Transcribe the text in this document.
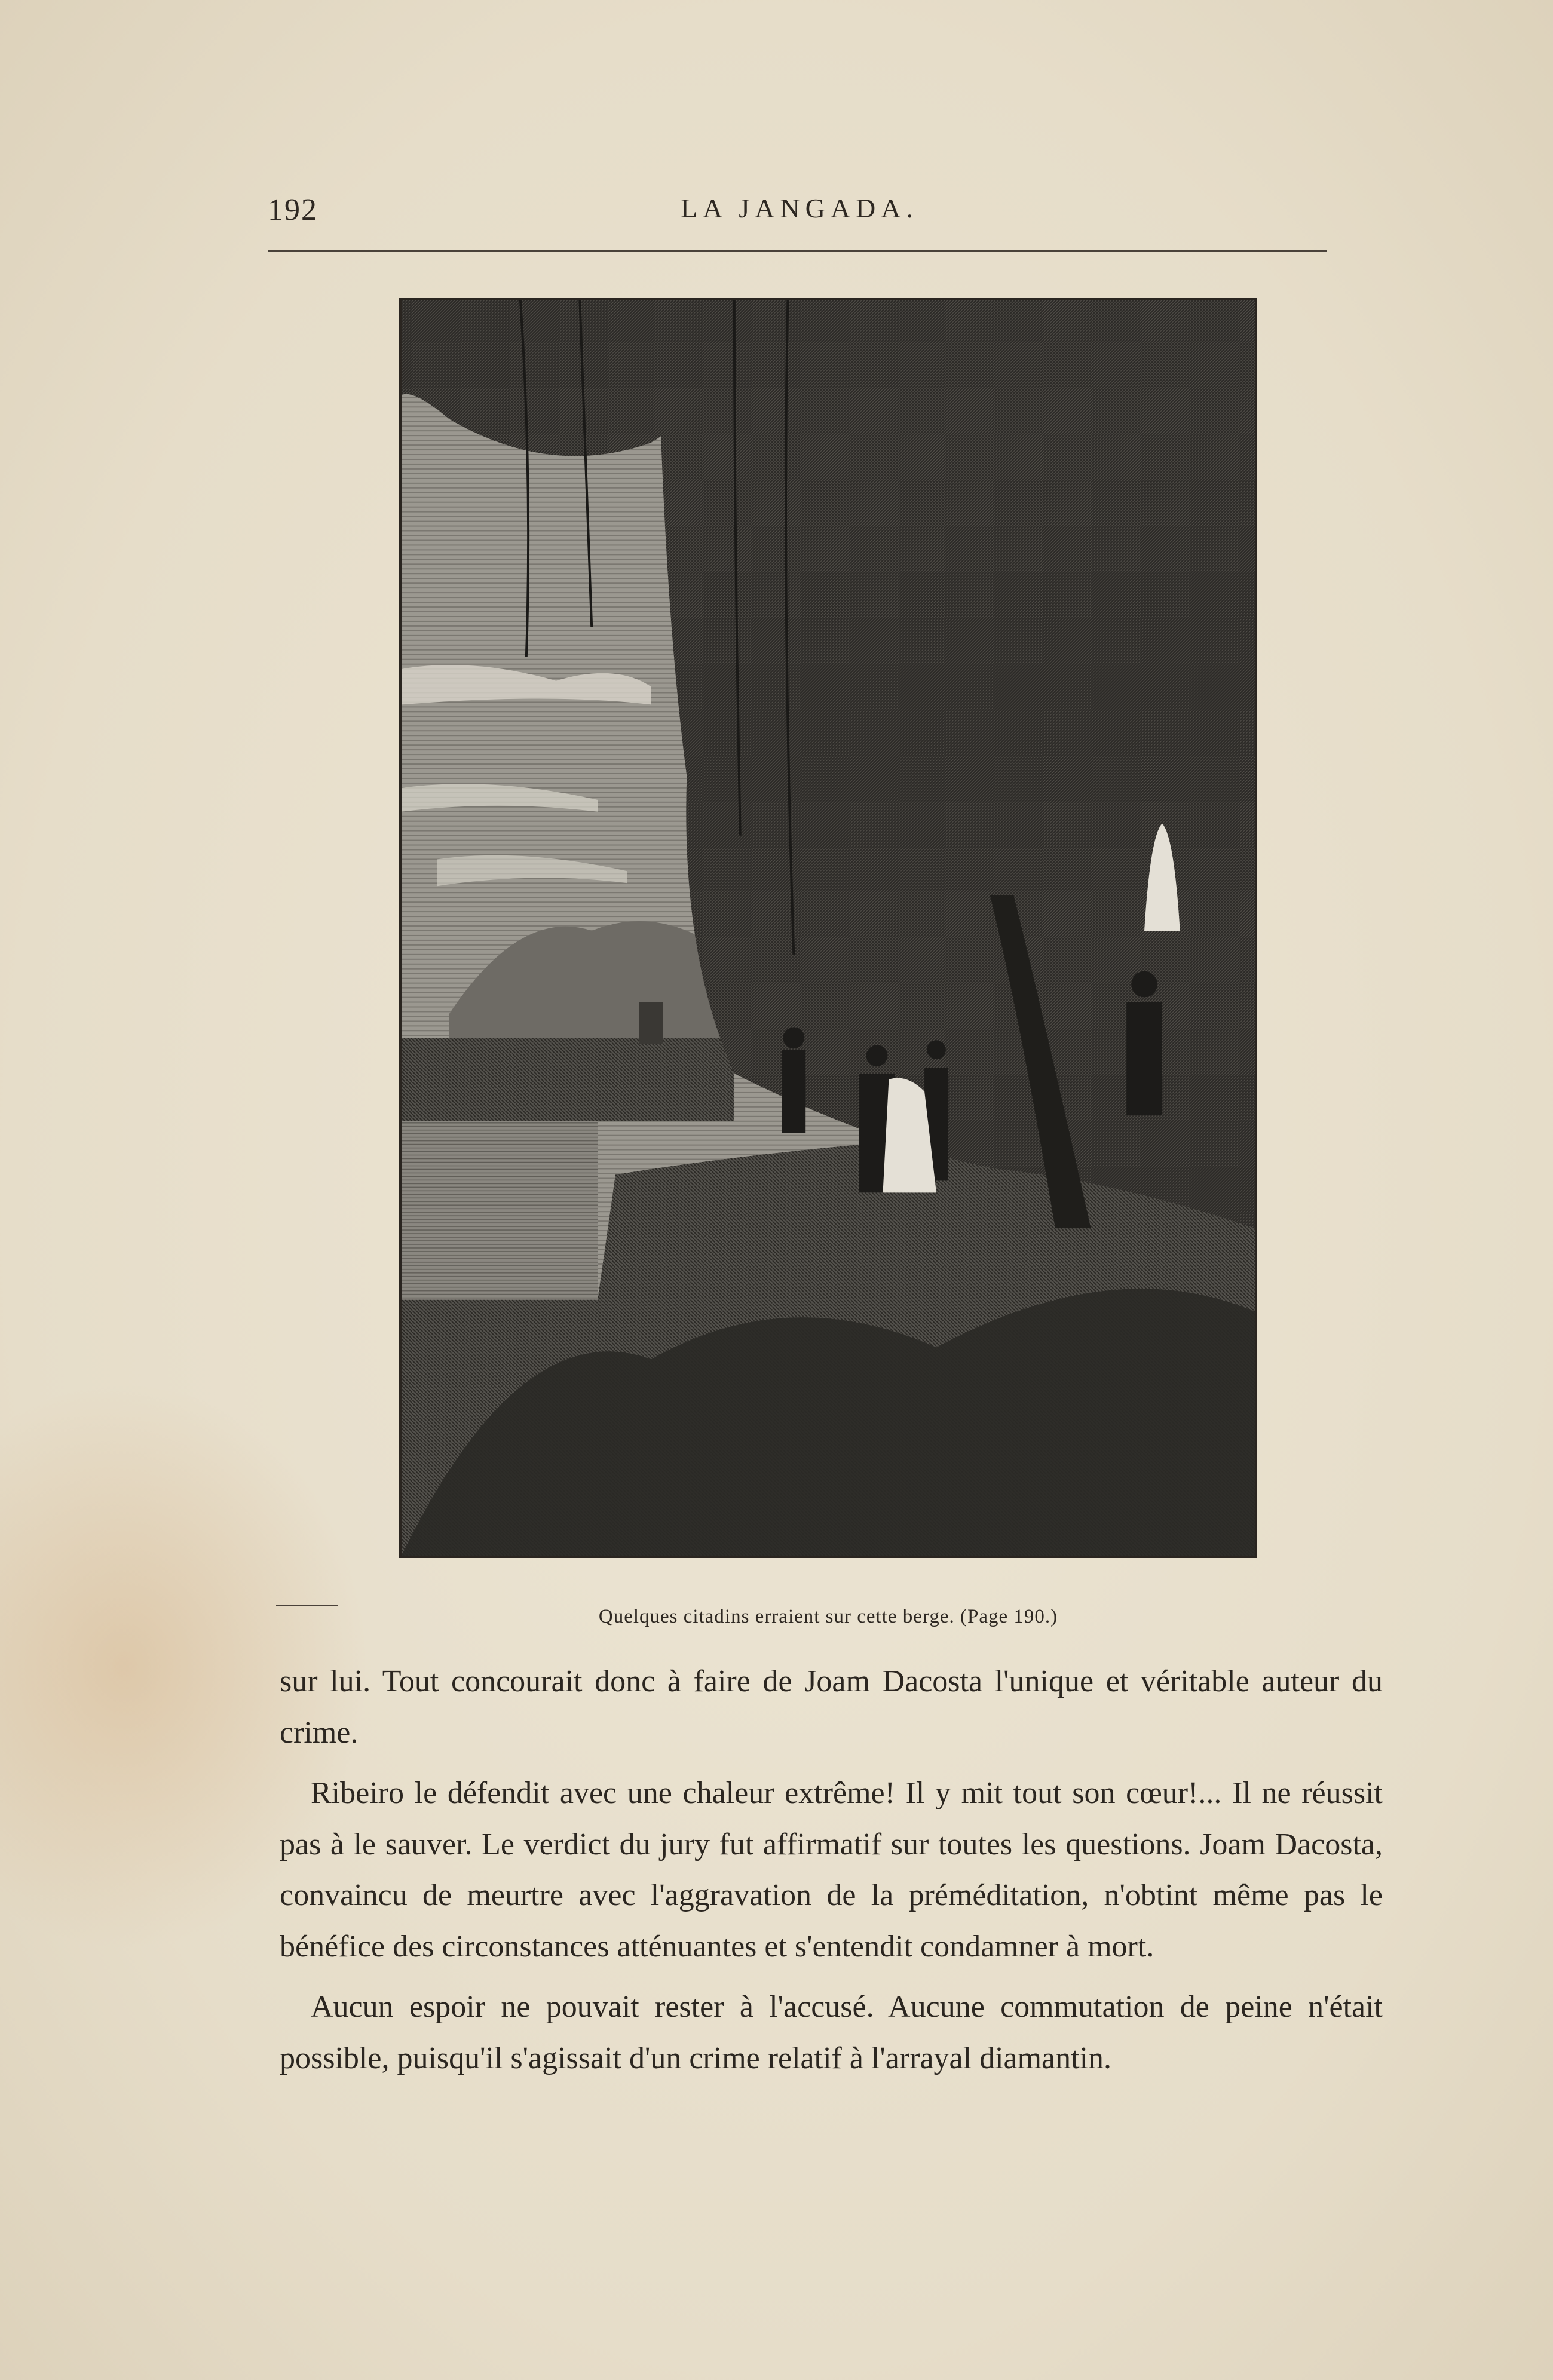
192	LA JANGADA.
Quelques citadins erraient sur cette berge. (Page 190.)

sur lui. Tout concourait donc à faire de Joam Dacosta l'unique et véritable auteur du crime.

Ribeiro le défendit avec une chaleur extrême! Il y mit tout son cœur!... Il ne réussit pas à le sauver. Le verdict du jury fut affirmatif sur toutes les questions. Joam Dacosta, convaincu de meurtre avec l'aggravation de la préméditation, n'obtint même pas le bénéfice des circonstances atténuantes et s'entendit condamner à mort.

Aucun espoir ne pouvait rester à l'accusé. Aucune commutation de peine n'était possible, puisqu'il s'agissait d'un crime relatif à l'arrayal diamantin.
